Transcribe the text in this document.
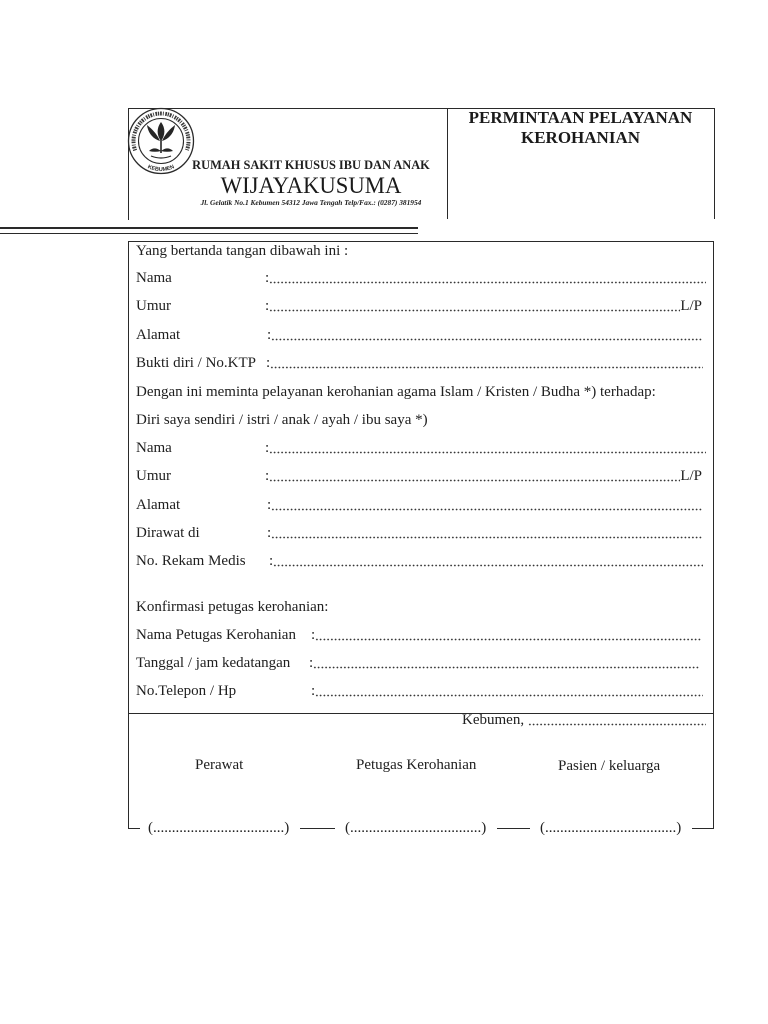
KEBUMEN	RUMAH SAKIT KHUSUS IBU DAN ANAK
WIJAYAKUSUMA
Jl. Gelatik No.1 Kebumen 54312 Jawa Tengah Telp/Fax.: (0287) 381954
PERMINTAAN PELAYANAN
KEROHANIAN
Yang bertanda tangan dibawah ini :
Nama	:
Umur	:	L/P
Alamat	:
Bukti diri / No.KTP :
Dengan ini meminta pelayanan kerohanian agama Islam / Kristen / Budha *) terhadap:
Diri saya sendiri / istri / anak / ayah / ibu saya *)
Nama	:
Umur	:	L/P
Alamat	:
Dirawat di	:
No. Rekam Medis :
Konfirmasi petugas kerohanian:
Nama Petugas Kerohanian :
Tanggal / jam kedatangan :
No.Telepon / Hp	:
Kebumen,
Perawat	Petugas Kerohanian	Pasien / keluarga
(...................................)	(...................................)	(...................................)
